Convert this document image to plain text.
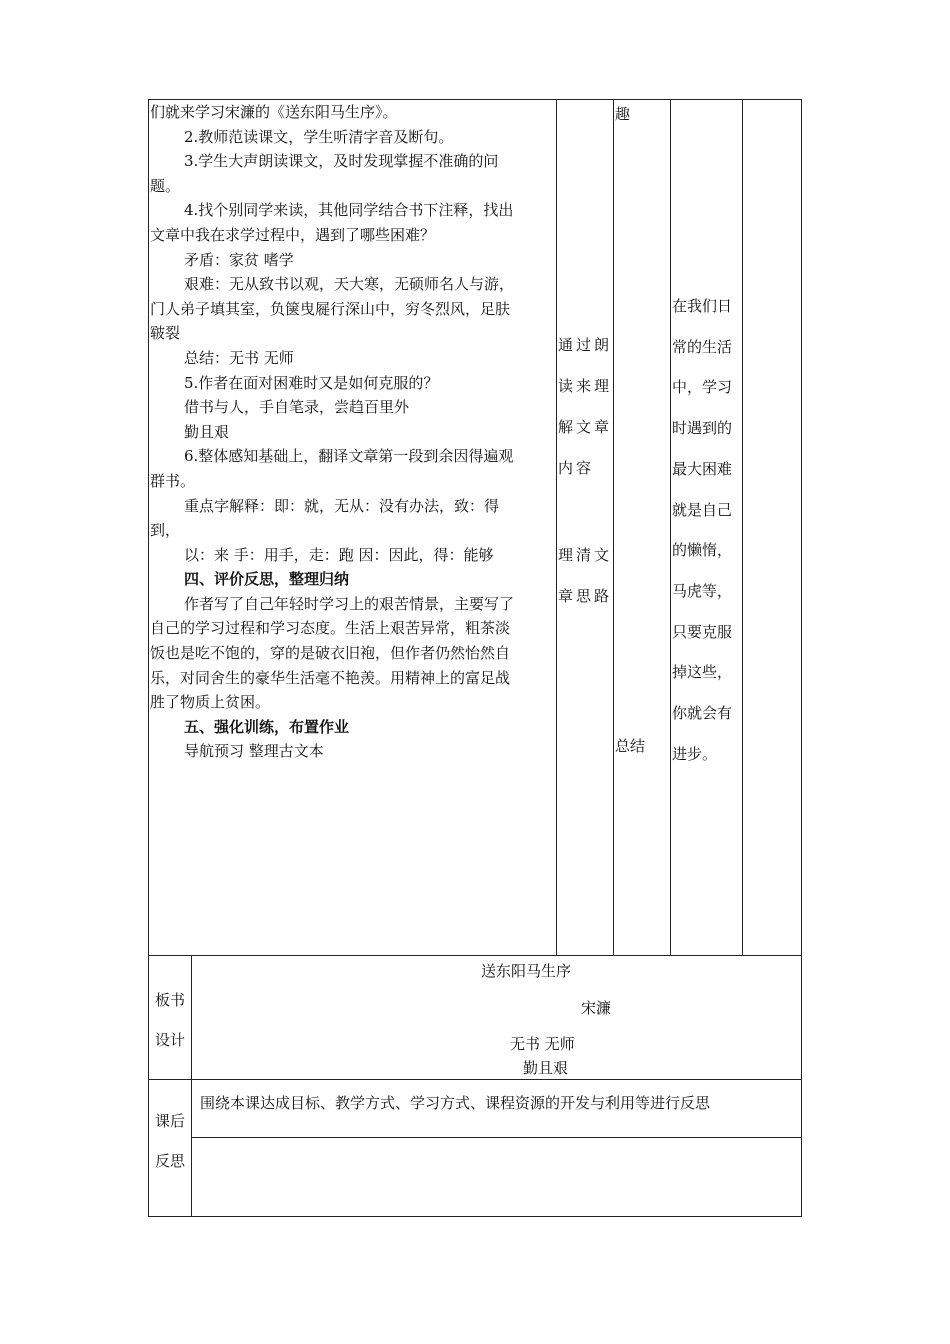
们就来学习宋濂的《送东阳马生序》。

2.教师范读课文，学生听清字音及断句。

3.学生大声朗读课文，及时发现掌握不准确的问

题。

4.找个别同学来读，其他同学结合书下注释，找出

文章中我在求学过程中，遇到了哪些困难？

矛盾：家贫 嗜学

艰难：无从致书以观，天大寒，无硕师名人与游，

门人弟子填其室，负箧曳屣行深山中，穷冬烈风，足肤

皲裂

总结：无书 无师

5.作者在面对困难时又是如何克服的？

借书与人，手自笔录，尝趋百里外

勤且艰

6.整体感知基础上，翻译文章第一段到余因得遍观

群书。

重点字解释：即：就，无从：没有办法，致：得

到，

以：来 手：用手，走：跑 因：因此，得：能够

四、评价反思，整理归纳

作者写了自己年轻时学习上的艰苦情景，主要写了

自己的学习过程和学习态度。生活上艰苦异常，粗茶淡

饭也是吃不饱的，穿的是破衣旧袍，但作者仍然怡然自

乐，对同舍生的豪华生活毫不艳羡。用精神上的富足战

胜了物质上贫困。

五、强化训练，布置作业

导航预习 整理古文本

通过朗

读来理

解文章

内容

理清文

章思路

趣

总结

在我们日

常的生活

中，学习

时遇到的

最大困难

就是自己

的懒惰，

马虎等，

只要克服

掉这些，

你就会有

进步。

板书

设计

送东阳马生序
宋濂
无书 无师
勤且艰

课后

反思

围绕本课达成目标、教学方式、学习方式、课程资源的开发与利用等进行反思
